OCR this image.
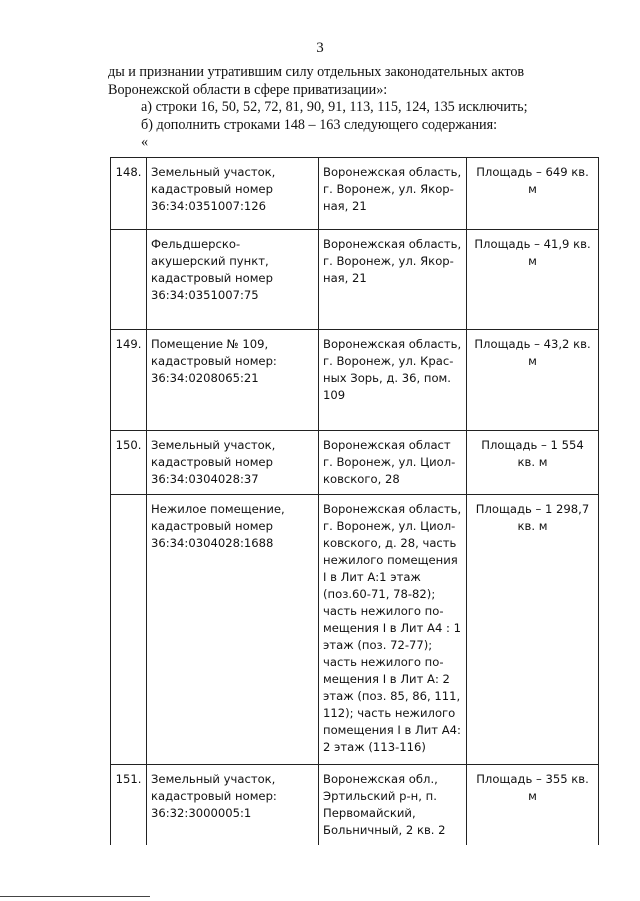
3

ды и признании утратившим силу отдельных законодательных актов Воронежской области в сфере приватизации»:

а) строки 16, 50, 52, 72, 81, 90, 91, 113, 115, 124, 135 исключить;

б) дополнить строками 148 – 163 следующего содержания:

«

148.	Земельный участок, кадастровый номер 36:34:0351007:126	Воронежская область, г. Воронеж, ул. Якор-ная, 21	Площадь – 649 кв. м
	Фельдшерско-акушерский пункт, кадастровый номер 36:34:0351007:75	Воронежская область, г. Воронеж, ул. Якор-ная, 21	Площадь – 41,9 кв. м
149.	Помещение № 109, кадастровый номер: 36:34:0208065:21	Воронежская область, г. Воронеж, ул. Крас-ных Зорь, д. 36, пом. 109	Площадь – 43,2 кв. м
150.	Земельный участок, кадастровый номер 36:34:0304028:37	Воронежская област г. Воронеж, ул. Циол-ковского, 28	Площадь – 1 554 кв. м
	Нежилое помещение, кадастровый номер 36:34:0304028:1688	Воронежская область, г. Воронеж, ул. Циол-ковского, д. 28, часть нежилого помещения I в Лит А:1 этаж (поз.60-71, 78-82); часть нежилого по-мещения I в Лит А4 : 1 этаж (поз. 72-77); часть нежилого по-мещения I в Лит А: 2 этаж (поз. 85, 86, 111, 112); часть нежилого помещения I в Лит А4: 2 этаж (113-116)	Площадь – 1 298,7 кв. м
151.	Земельный участок, кадастровый номер: 36:32:3000005:1	Воронежская обл., Эртильский р-н, п. Первомайский, Больничный, 2 кв. 2	Площадь – 355 кв. м
